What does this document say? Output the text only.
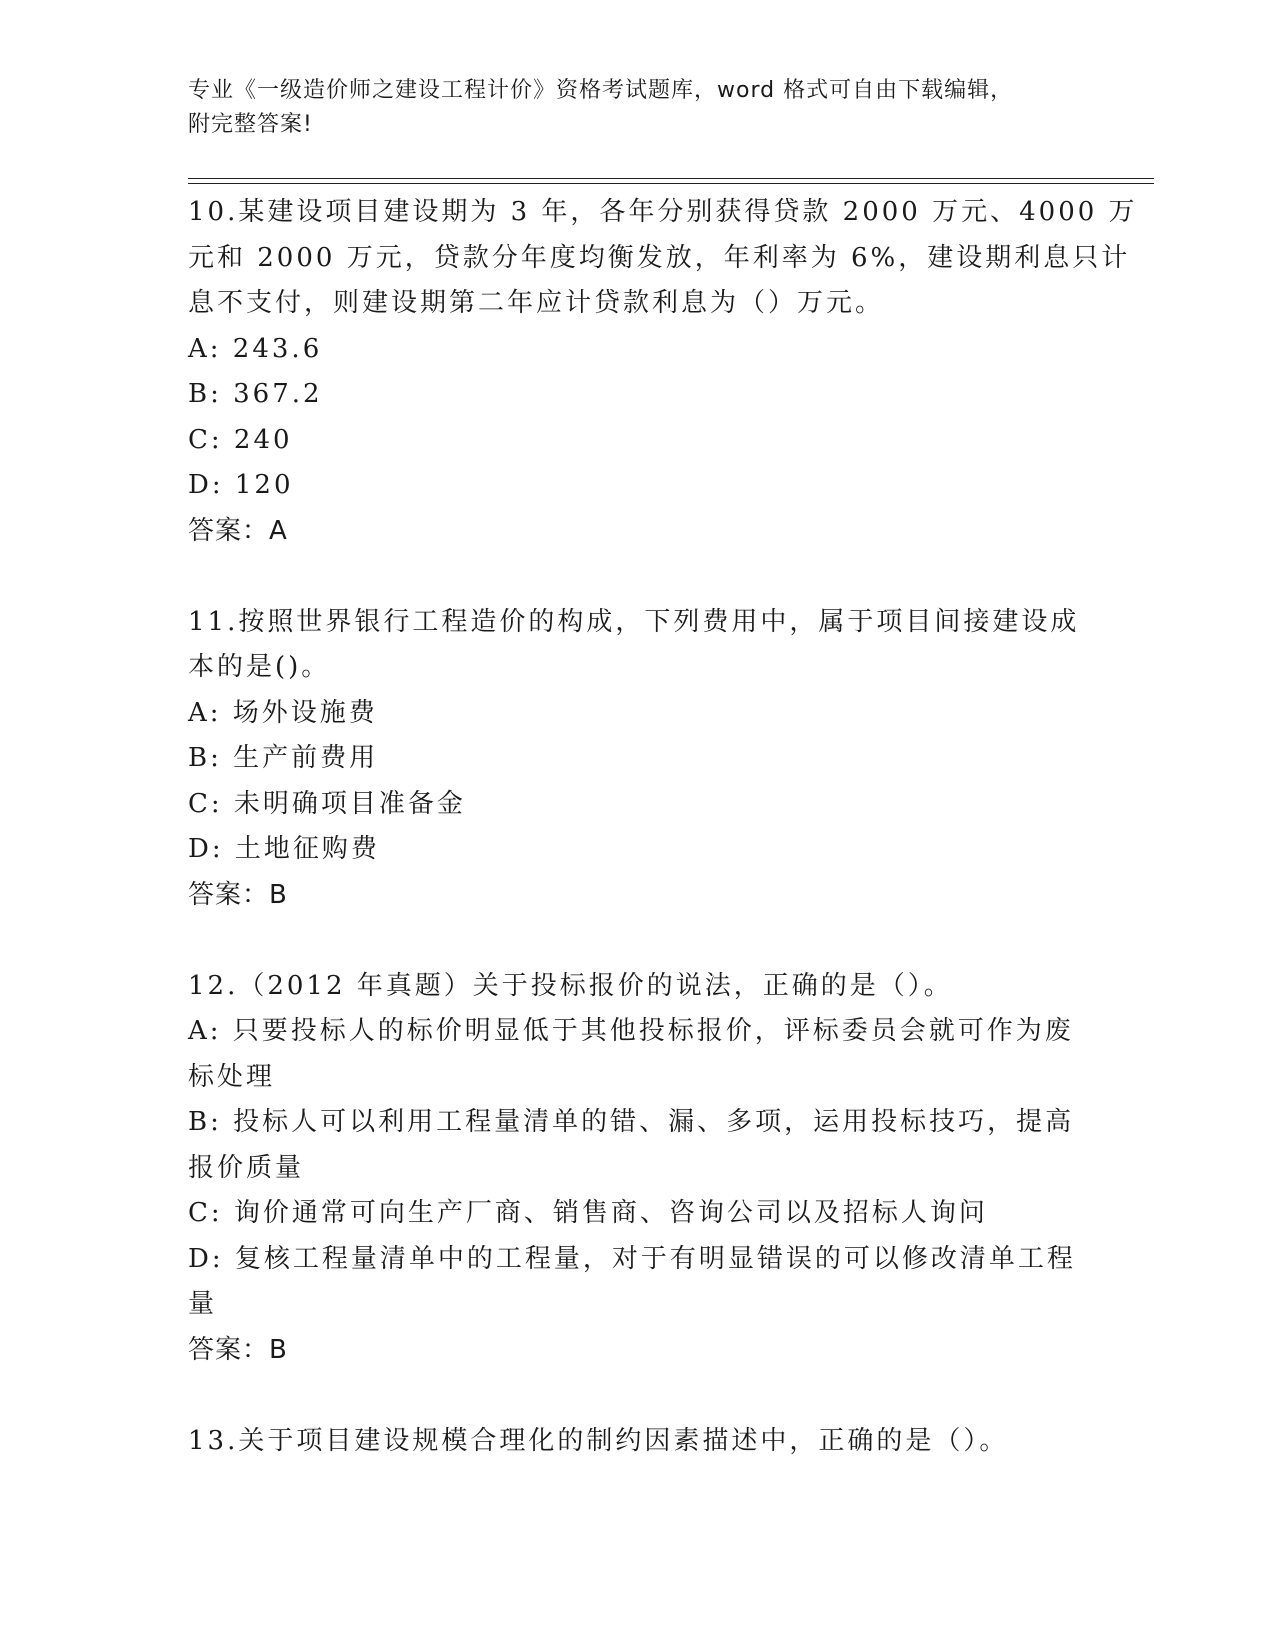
专业《一级造价师之建设工程计价》资格考试题库，word 格式可自由下载编辑，
附完整答案!
10.某建设项目建设期为 3 年，各年分别获得贷款 2000 万元、4000 万
元和 2000 万元，贷款分年度均衡发放，年利率为 6%，建设期利息只计
息不支付，则建设期第二年应计贷款利息为（）万元。
A: 243.6
B: 367.2
C: 240
D: 120
答案：A
11.按照世界银行工程造价的构成，下列费用中，属于项目间接建设成
本的是()。
A: 场外设施费
B: 生产前费用
C: 未明确项目准备金
D: 土地征购费
答案：B
12.（2012 年真题）关于投标报价的说法，正确的是（）。
A: 只要投标人的标价明显低于其他投标报价，评标委员会就可作为废
标处理
B: 投标人可以利用工程量清单的错、漏、多项，运用投标技巧，提高
报价质量
C: 询价通常可向生产厂商、销售商、咨询公司以及招标人询问
D: 复核工程量清单中的工程量，对于有明显错误的可以修改清单工程
量
答案：B
13.关于项目建设规模合理化的制约因素描述中，正确的是（）。
